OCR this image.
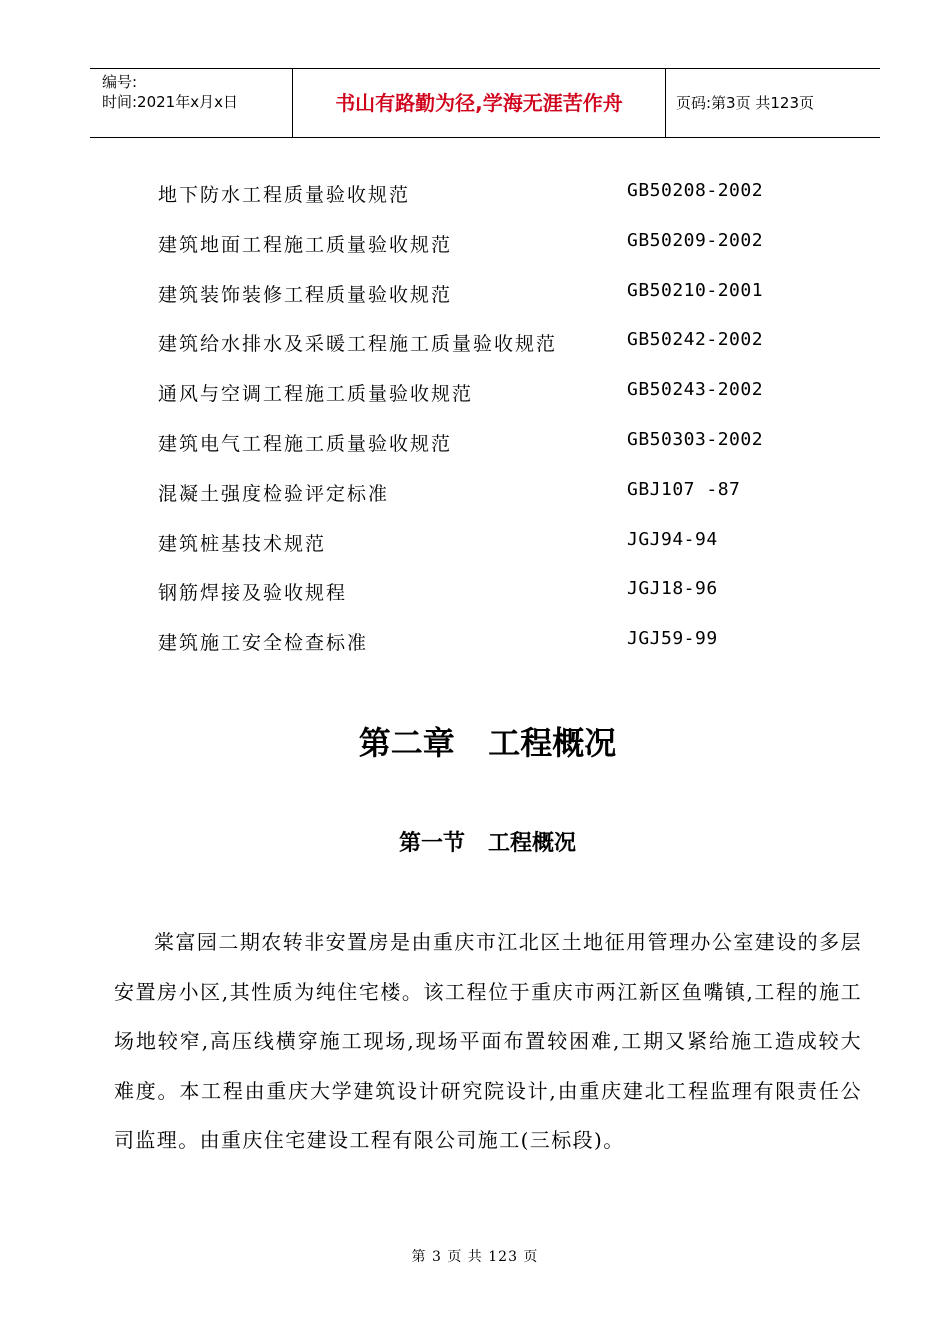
编号:
时间:2021年x月x日	书山有路勤为径,学海无涯苦作舟	页码:第3页 共123页
地下防水工程质量验收规范	GB50208-2002
建筑地面工程施工质量验收规范	GB50209-2002
建筑装饰装修工程质量验收规范	GB50210-2001
建筑给水排水及采暖工程施工质量验收规范	GB50242-2002
通风与空调工程施工质量验收规范	GB50243-2002
建筑电气工程施工质量验收规范	GB50303-2002
混凝土强度检验评定标准	GBJ107 -87
建筑桩基技术规范	JGJ94-94
钢筋焊接及验收规程	JGJ18-96
建筑施工安全检查标准	JGJ59-99
第二章   工程概况
第一节   工程概况

棠富园二期农转非安置房是由重庆市江北区土地征用管理办公室建设的多层安置房小区,其性质为纯住宅楼。该工程位于重庆市两江新区鱼嘴镇,工程的施工场地较窄,高压线横穿施工现场,现场平面布置较困难,工期又紧给施工造成较大难度。本工程由重庆大学建筑设计研究院设计,由重庆建北工程监理有限责任公司监理。由重庆住宅建设工程有限公司施工(三标段)。

第 3 页 共 123 页
